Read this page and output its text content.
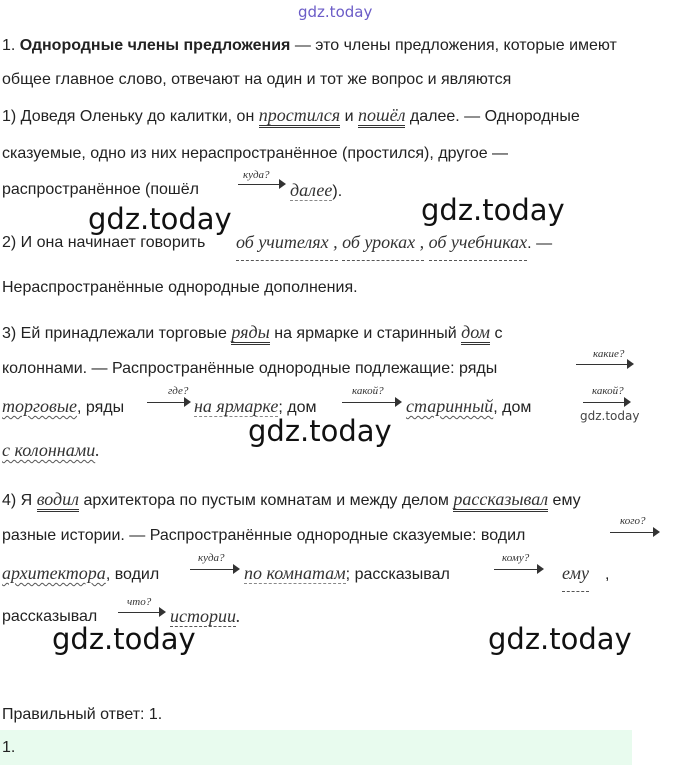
gdz.today
1. Однородные члены предложения — это члены предложения, которые имеют
общее главное слово, отвечают на один и тот же вопрос и являются
1) Доведя Оленьку до калитки, он простился и пошёл далее. — Однородные
сказуемые, одно из них нераспространённое (простился), другое —
распространённое (пошёл
куда?
далее).
gdz.today	gdz.today
2) И она начинает говорить об учителях , об уроках , об учебниках. —
Нераспространённые однородные дополнения.
3) Ей принадлежали торговые ряды на ярмарке и старинный дом с
колоннами. — Распространённые однородные подлежащие: ряды
какие?
торговые, ряды
где?
на ярмарке; дом
какой?
старинный, дом
какой?
gdz.today
gdz.today
с колоннами.
4) Я водил архитектора по пустым комнатам и между делом рассказывал ему
разные истории. — Распространённые однородные сказуемые: водил
кого?
архитектора, водил
куда?
по комнатам; рассказывал
кому?
ему ,
рассказывал
что?
истории.
gdz.today	gdz.today
Правильный ответ: 1.
1.
